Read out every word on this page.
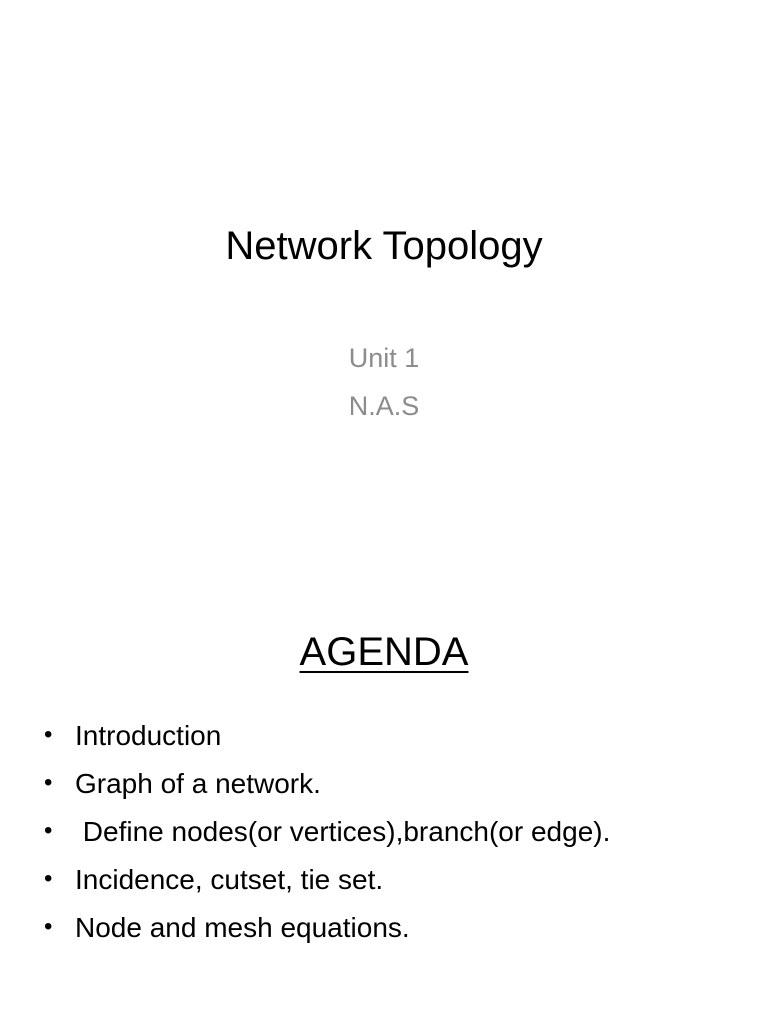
Network Topology
Unit 1
N.A.S
AGENDA
• Introduction
• Graph of a network.
• Define nodes(or vertices),branch(or edge).
• Incidence, cutset, tie set.
• Node and mesh equations.
